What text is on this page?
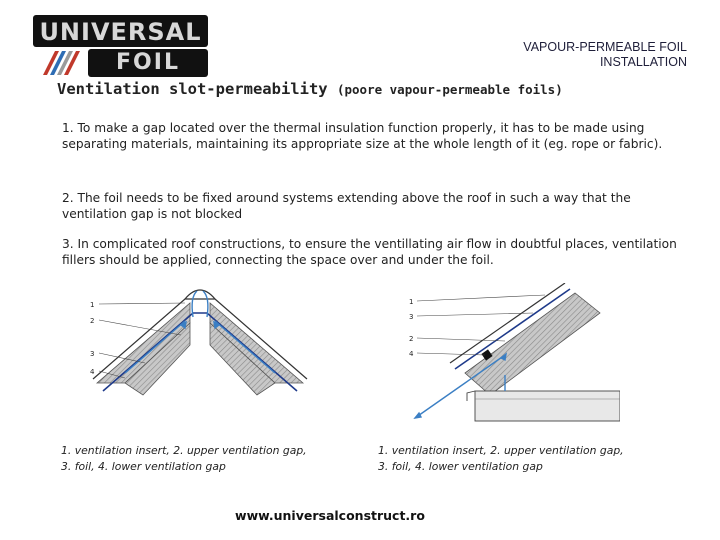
UNIVERSAL
FOIL
VAPOUR-PERMEABLE FOIL
INSTALLATION
Ventilation slot-permeability (poore vapour-permeable foils)
1. To make a gap located over the thermal insulation function properly, it has to be made using separating materials, maintaining its appropriate size at the whole length of it (eg. rope or fabric).
2. The foil needs to be fixed around systems extending above the roof in such a way that the ventilation gap is not blocked
3. In complicated roof constructions, to ensure the ventillating air flow in doubtful places, ventilation fillers should be applied, connecting the space over and under the foil.
1
2
3
4
1
3
2
4
1. ventilation insert, 2. upper ventilation gap,
3. foil, 4. lower ventilation gap
1. ventilation insert, 2. upper ventilation gap,
3. foil, 4. lower ventilation gap
www.universalconstruct.ro
